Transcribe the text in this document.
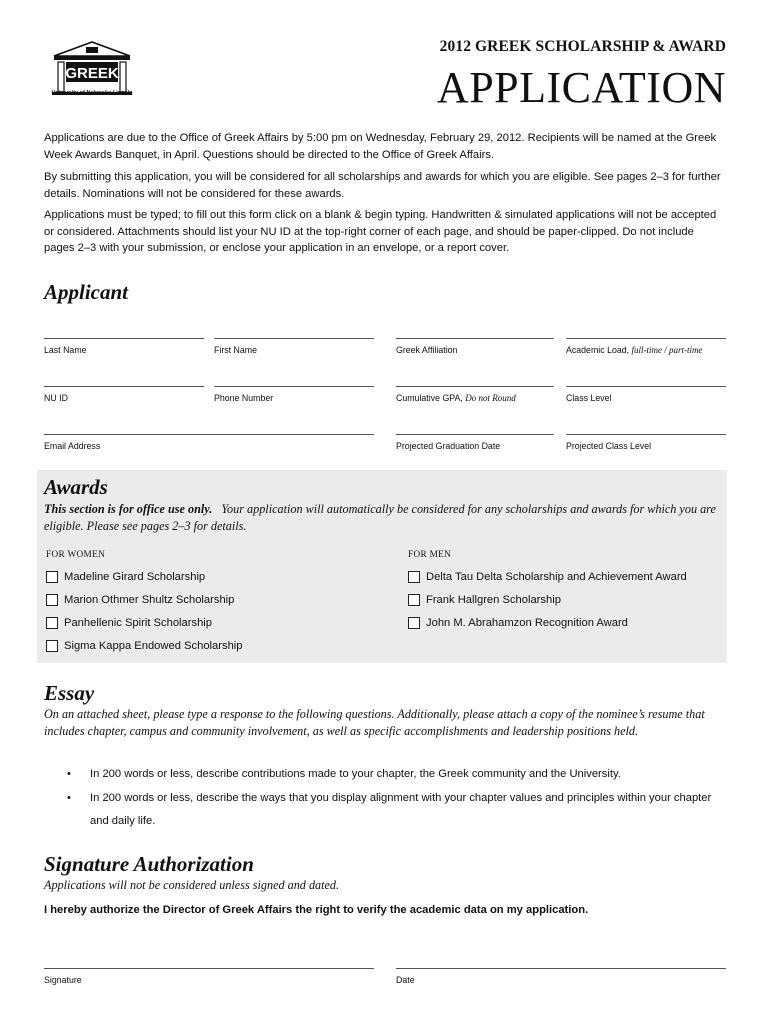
GREEK
University of Nebraska-Lincoln
2012 GREEK SCHOLARSHIP & AWARD
APPLICATION
Applications are due to the Office of Greek Affairs by 5:00 pm on Wednesday, February 29, 2012. Recipients will be named at the Greek Week Awards Banquet, in April. Questions should be directed to the Office of Greek Affairs.
By submitting this application, you will be considered for all scholarships and awards for which you are eligible. See pages 2–3 for further details. Nominations will not be considered for these awards.
Applications must be typed; to fill out this form click on a blank & begin typing. Handwritten & simulated applications will not be accepted or considered. Attachments should list your NU ID at the top-right corner of each page, and should be paper-clipped. Do not include pages 2–3 with your submission, or enclose your application in an envelope, or a report cover.
Applicant
Last Name	First Name	Greek Affiliation	Academic Load, full-time / part-time
NU ID	Phone Number	Cumulative GPA, Do not Round	Class Level
Email Address	Projected Graduation Date	Projected Class Level
Awards
This section is for office use only. Your application will automatically be considered for any scholarships and awards for which you are eligible. Please see pages 2–3 for details.
FOR WOMEN	FOR MEN
Madeline Girard Scholarship
Marion Othmer Shultz Scholarship
Panhellenic Spirit Scholarship
Sigma Kappa Endowed Scholarship
Delta Tau Delta Scholarship and Achievement Award
Frank Hallgren Scholarship
John M. Abrahamzon Recognition Award
Essay
On an attached sheet, please type a response to the following questions. Additionally, please attach a copy of the nominee’s resume that includes chapter, campus and community involvement, as well as specific accomplishments and leadership positions held.
• In 200 words or less, describe contributions made to your chapter, the Greek community and the University.
• In 200 words or less, describe the ways that you display alignment with your chapter values and principles within your chapter and daily life.
Signature Authorization
Applications will not be considered unless signed and dated.
I hereby authorize the Director of Greek Affairs the right to verify the academic data on my application.
Signature	Date
